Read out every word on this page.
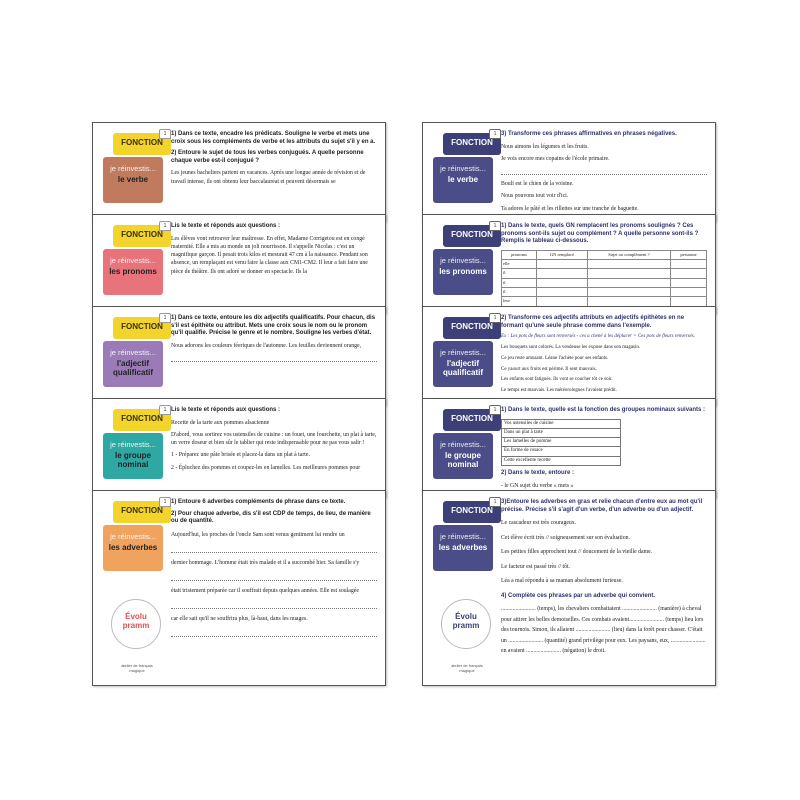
1
FONCTION
je réinvestis...
le verbe

1) Dans ce texte, encadre les prédicats. Souligne le verbe et mets une croix sous les compléments de verbe et les attributs du sujet s'il y en a.

2) Entoure le sujet de tous les verbes conjugués. A quelle personne chaque verbe est-il conjugué ?

Les jeunes bacheliers partent en vacances. Après une longue année de révision et de travail intense, ils ont obtenu leur baccalauréat et peuvent désormais se

1
FONCTION
je réinvestis...
les pronoms

Lis le texte et réponds aux questions :

Les élèves vont retrouver leur maîtresse. En effet, Madame Corrigetou est en congé maternité. Elle a mis au monde un joli nourrisson. Il s'appelle Nicolas : c'est un magnifique garçon. Il pesait trois kilos et mesurait 47 cm à la naissance. Pendant son absence, un remplaçant est venu faire la classe aux CM1-CM2. Il leur a fait faire une pièce de théâtre. Ils ont adoré se donner en spectacle. Ils la

1
FONCTION
je réinvestis...
l'adjectif qualificatif

1) Dans ce texte, entoure les dix adjectifs qualificatifs. Pour chacun, dis s'il est épithète ou attribut. Mets une croix sous le nom ou le pronom qu'il qualifie. Précise le genre et le nombre. Souligne les verbes d'état.

Nous adorons les couleurs féeriques de l'automne. Les feuilles deviennent orange,

1
FONCTION
je réinvestis...
le groupe nominal

Lis le texte et réponds aux questions :

Recette de la tarte aux pommes alsacienne

D'abord, vous sortirez vos ustensiles de cuisine : un fouet, une fourchette, un plat à tarte, un verre doseur et bien sûr le tablier qui reste indispensable pour ne pas vous salir !

1 - Préparez une pâte brisée et placez-la dans un plat à tarte.

2 - Épluchez des pommes et coupez-les en lamelles. Les meilleures pommes pour

1
FONCTION
je réinvestis...
les adverbes
Évolu
pramm
atelier de français magique

1) Entoure 6 adverbes compléments de phrase dans ce texte.

2) Pour chaque adverbe, dis s'il est CDP de temps, de lieu, de manière ou de quantité.

Aujourd'hui, les proches de l'oncle Sam sont venus gentiment lui rendre un

dernier hommage. L'homme était très malade et il a succombé hier. Sa famille s'y

était tristement préparée car il souffrait depuis quelques années. Elle est soulagée

car elle sait qu'il ne souffrira plus, là-haut, dans les nuages.

1
FONCTION
je réinvestis...
le verbe

3) Transforme ces phrases affirmatives en phrases négatives.

Nous aimons les légumes et les fruits.

Je vois encore mes copains de l'école primaire.

Bouli est le chien de la voisine.

Nous pouvons tout voir d'ici.

Ta adores le pâté et les rillettes sur une tranche de baguette.

1
FONCTION
je réinvestis...
les pronoms

1) Dans le texte, quels GN remplacent les pronoms soulignés ? Ces pronoms sont-ils sujet ou complément ? A quelle personne sont-ils ? Remplis le tableau ci-dessous.

pronoms	GN remplacé	Sujet ou complément ?	personne
elle			
il			
il			
il			
leur			

1
FONCTION
je réinvestis...
l'adjectif qualificatif

2) Transforme ces adjectifs attributs en adjectifs épithètes en ne formant qu'une seule phrase comme dans l'exemple.

Ex : Les pots de fleurs sont renversés - ces a chené à les déplacer = Ces pots de fleurs renversés.

Les bouquets sont colorés. La vendeuse les expose dans son magasin.

Ce jeu reste amusant. Léane l'achète pour ses enfants.

Ce yaourt aux fruits est périmé. Il sent mauvais.

Les enfants sont fatigués. Ils vont se coucher tôt ce soir.

Le temps est mauvais. Les météorologues l'avaient prédit.

1
FONCTION
je réinvestis...
le groupe nominal

1) Dans le texte, quelle est la fonction des groupes nominaux suivants :

Vos ustensiles de cuisine
Dans un plat à tarte
Les lamelles de pomme
En forme de rosace
Cette excellente recette

2) Dans le texte, entoure :

- le GN sujet du verbe « mets »

1
FONCTION
je réinvestis...
les adverbes
Évolu
pramm
atelier de français magique

3)Entoure les adverbes en gras et relie chacun d'entre eux au mot qu'il précise. Précise s'il s'agit d'un verbe, d'un adverbe ou d'un adjectif.

Le cascadeur est très courageux.

Cet élève écrit très // soigneusement sur son évaluation.

Les petites filles approchent tout // doucement de la vieille dame.

Le facteur est passé très // tôt.

Léa a mal répondu à sa maman absolument furieuse.

4) Complète ces phrases par un adverbe qui convient.

........................ (temps), les chevaliers combattaient ........................ (manière) à cheval pour attirer les belles demoiselles. Ces combats avaient........................ (temps) lieu lors des tournois. Simon, ils allaient ........................ (lieu) dans la forêt pour chasser. C'était un ........................ (quantité) grand privilège pour eux. Les paysans, eux, ........................ en avaient ........................ (négation) le droit.
